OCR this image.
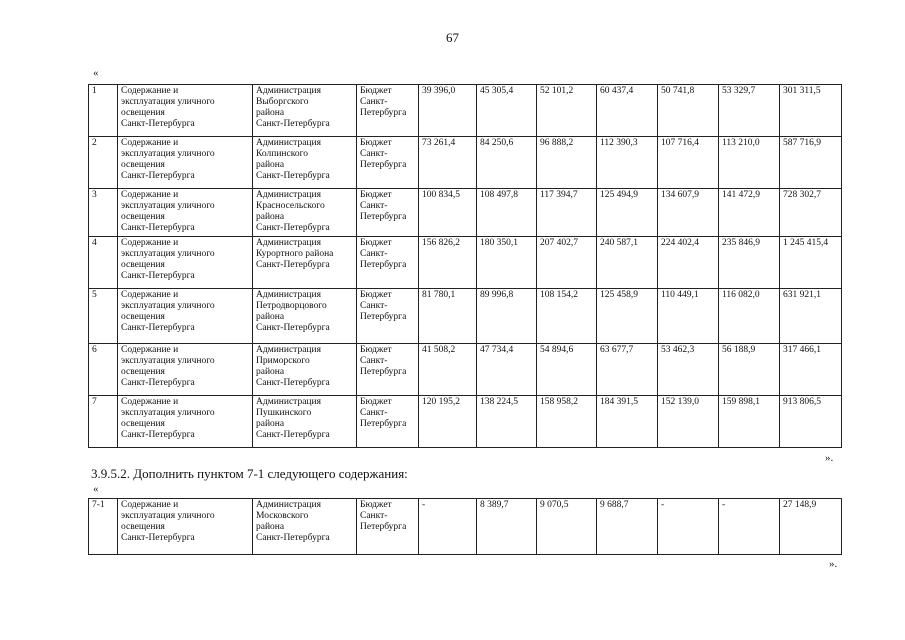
67
«
1	Содержание и
эксплуатация уличного
освещения
Санкт-Петербурга	Администрация
Выборгского
района
Санкт-Петербурга	Бюджет
Санкт-
Петербурга	39 396,0	45 305,4	52 101,2	60 437,4	50 741,8	53 329,7	301 311,5
2	Содержание и
эксплуатация уличного
освещения
Санкт-Петербурга	Администрация
Колпинского
района
Санкт-Петербурга	Бюджет
Санкт-
Петербурга	73 261,4	84 250,6	96 888,2	112 390,3	107 716,4	113 210,0	587 716,9
3	Содержание и
эксплуатация уличного
освещения
Санкт-Петербурга	Администрация
Красносельского
района
Санкт-Петербурга	Бюджет
Санкт-
Петербурга	100 834,5	108 497,8	117 394,7	125 494,9	134 607,9	141 472,9	728 302,7
4	Содержание и
эксплуатация уличного
освещения
Санкт-Петербурга	Администрация
Курортного района
Санкт-Петербурга	Бюджет
Санкт-
Петербурга	156 826,2	180 350,1	207 402,7	240 587,1	224 402,4	235 846,9	1 245 415,4
5	Содержание и
эксплуатация уличного
освещения
Санкт-Петербурга	Администрация
Петродворцового
района
Санкт-Петербурга	Бюджет
Санкт-
Петербурга	81 780,1	89 996,8	108 154,2	125 458,9	110 449,1	116 082,0	631 921,1
6	Содержание и
эксплуатация уличного
освещения
Санкт-Петербурга	Администрация
Приморского
района
Санкт-Петербурга	Бюджет
Санкт-
Петербурга	41 508,2	47 734,4	54 894,6	63 677,7	53 462,3	56 188,9	317 466,1
7	Содержание и
эксплуатация уличного
освещения
Санкт-Петербурга	Администрация
Пушкинского
района
Санкт-Петербурга	Бюджет
Санкт-
Петербурга	120 195,2	138 224,5	158 958,2	184 391,5	152 139,0	159 898,1	913 806,5
».
3.9.5.2. Дополнить пунктом 7-1 следующего содержания:
«
7-1	Содержание и
эксплуатация уличного
освещения
Санкт-Петербурга	Администрация
Московского
района
Санкт-Петербурга	Бюджет
Санкт-
Петербурга	-	8 389,7	9 070,5	9 688,7	-	-	27 148,9
».
